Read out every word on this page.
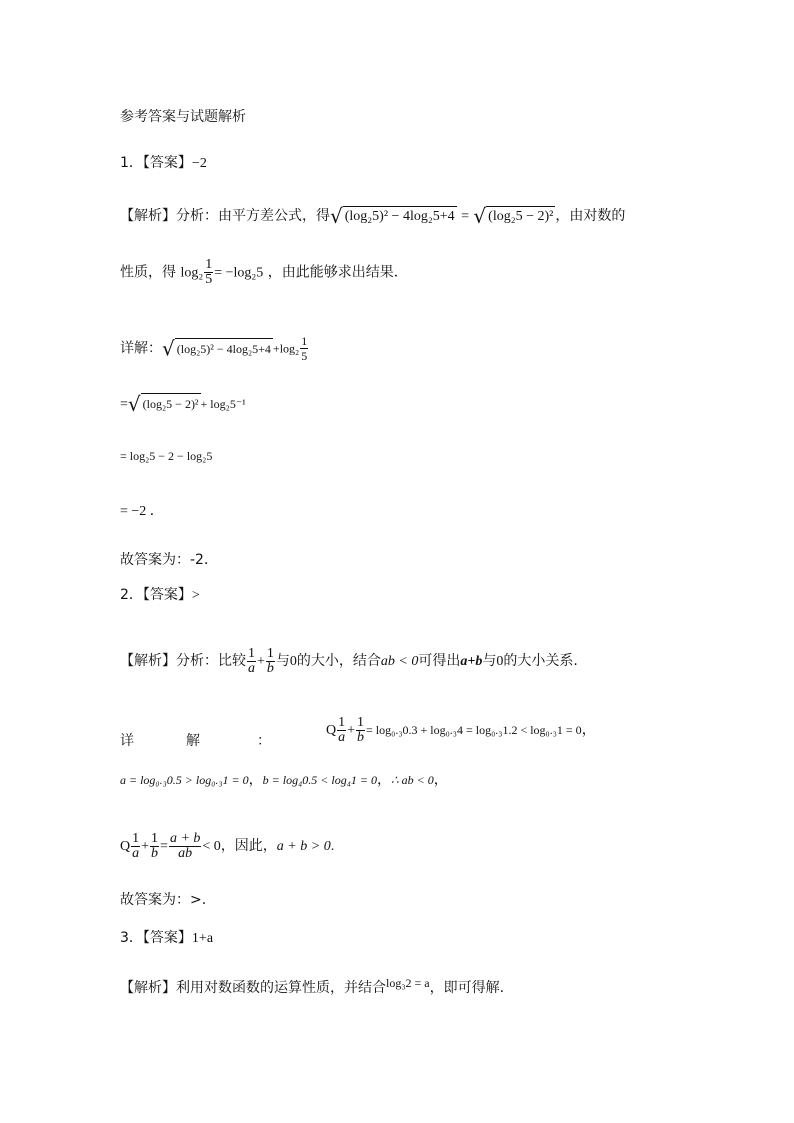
参考答案与试题解析
1．【答案】−2
【解析】分析：由平方差公式，得√ (log₂5)² − 4log₂5+4 = √ (log₂5 − 2)² ，由对数的
性质，得 $\log_2 \frac{1}{5} = -\log_25$ ，由此能够求出结果．
详解：√ $(\log_25)^2 - 4\log_25+4 +\log_2 \frac{1}{5}$
=√ (log₂5 − 2)² + log₂5⁻¹
= log₂5 − 2 − log₂5
= −2 ．
故答案为：-2．
2．【答案】>
【解析】分析：比较 $\frac{1}{a} + \frac{1}{b}$ 与0的大小，结合ab < 0可得出a+b与0的大小关系.
详	解	：
Q $\frac{1}{a} + \frac{1}{b} = \log_0._30.3 + \log_0._34 = \log_0._31.2 < \log_0._31 = 0$，
a = log₀.₃0.5 > log₀.₃1 = 0，b = log₄0.5 < log₄1 = 0，∴ ab < 0，
Q $\frac{1}{a} + \frac{1}{b} = \frac{a + b}{ab} < 0$，因此，a + b > 0.
故答案为：>.
3．【答案】1+a
【解析】利用对数函数的运算性质，并结合log₃2 = a，即可得解.
